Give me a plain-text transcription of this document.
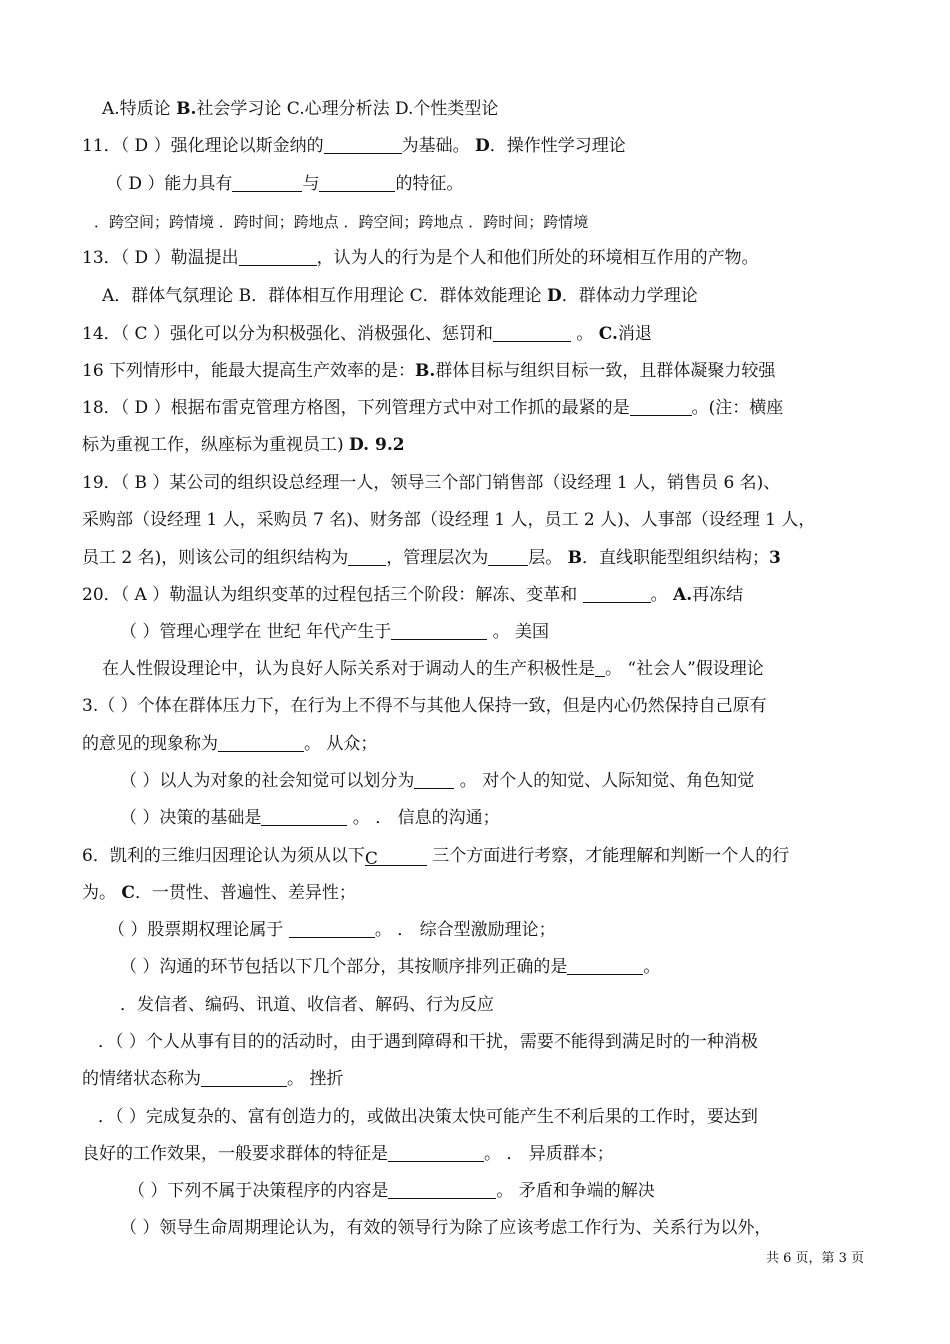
A.特质论 B.社会学习论 C.心理分析法 D.个性类型论
11．（ D ）强化理论以斯金纳的	为基础。 D．操作性学习理论
（ D ）能力具有	与	的特征。
．跨空间；跨情境 ．跨时间；跨地点 ．跨空间；跨地点 ．跨时间；跨情境
13．（ D ）勒温提出	，认为人的行为是个人和他们所处的环境相互作用的产物。
A．群体气氛理论 B．群体相互作用理论 C．群体效能理论 D．群体动力学理论
14．（ C ）强化可以分为积极强化、消极强化、惩罚和	。 C.消退
16 下列情形中，能最大提高生产效率的是：B.群体目标与组织目标一致，且群体凝聚力较强
18．（ D ）根据布雷克管理方格图，下列管理方式中对工作抓的最紧的是	。(注：横座
标为重视工作，纵座标为重视员工) D. 9.2
19．（ B ）某公司的组织设总经理一人，领导三个部门销售部（设经理 1 人，销售员 6 名)、
采购部（设经理 1 人，采购员 7 名)、财务部（设经理 1 人，员工 2 人)、人事部（设经理 1 人，
员工 2 名)，则该公司的组织结构为 ，管理层次为 层。 B．直线职能型组织结构；3
20．（ A ）勒温认为组织变革的过程包括三个阶段：解冻、变革和	。 A.再冻结
（ ）管理心理学在 世纪 年代产生于	。 美国
在人性假设理论中，认为良好人际关系对于调动人的生产积极性是 。 “社会人”假设理论
3.（ ）个体在群体压力下，在行为上不得不与其他人保持一致，但是内心仍然保持自己原有
的意见的现象称为	。 从众；
（ ）以人为对象的社会知觉可以划分为 。 对个人的知觉、人际知觉、角色知觉
（ ）决策的基础是	。 ． 信息的沟通；
6．凯利的三维归因理论认为须从以下C	三个方面进行考察，才能理解和判断一个人的行
为。 C．一贯性、普遍性、差异性；
（ ）股票期权理论属于	。 ． 综合型激励理论；
（ ）沟通的环节包括以下几个部分，其按顺序排列正确的是	。
．发信者、编码、讯道、收信者、解码、行为反应
．（ ）个人从事有目的的活动时，由于遇到障碍和干扰，需要不能得到满足时的一种消极
的情绪状态称为	。 挫折
．（ ）完成复杂的、富有创造力的，或做出决策太快可能产生不利后果的工作时，要达到
良好的工作效果，一般要求群体的特征是	。 ． 异质群本；
（ ）下列不属于决策程序的内容是	。 矛盾和争端的解决
（ ）领导生命周期理论认为，有效的领导行为除了应该考虑工作行为、关系行为以外，
共 6 页，第 3 页
